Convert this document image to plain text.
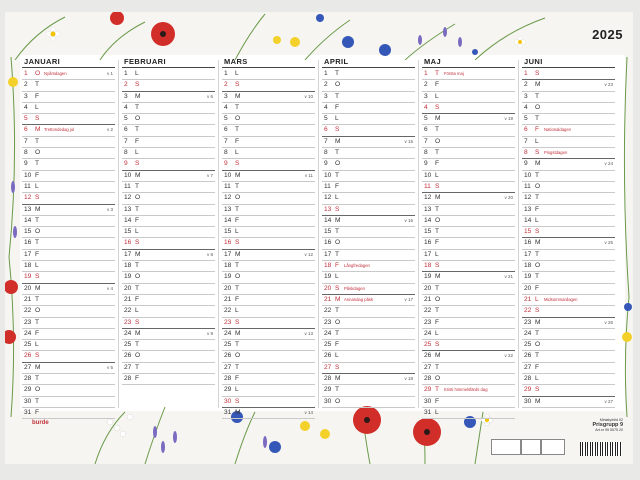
2025
JANUARI
1	O Nyårsdagen	v 1
2	T
3	F
4	L
5	S
6	M Trettondedag jul	v 2
7	T
8	O
9	T
10 F
11 L
12 S
13 M	v 3
14 T
15 O
16 T
17 F
18 L
19 S
20 M	v 4
21 T
22 O
23 T
24 F
25 L
26 S
27 M	v 5
28 T
29 O
30 T
31 F
FEBRUARI
1	L
2	S
3	M	v 6
4	T
5	O
6	T
7	F
8	L
9	S
10 M	v 7
11 T
12 O
13 T
14 F
15 L
16 S
17 M	v 8
18 T
19 O
20 T
21 F
22 L
23 S
24 M	v 9
25 T
26 O
27 T
28 F
MARS
1	L
2	S
3	M	v 10
4	T
5	O
6	T
7	F
8	L
9	S
10 M	v 11
11 T
12 O
13 T
14 F
15 L
16 S
17 M	v 12
18 T
19 O
20 T
21 F
22 L
23 S
24 M	v 13
25 T
26 O
27 T
28 F
29 L
30 S
31 M	v 14
APRIL
1	T
2	O
3	T
4	F
5	L
6	S
7	M	v 15
8	T
9	O
10 T
11 F
12 L
13 S
14 M	v 16
15 T
16 O
17 T
18 F Långfredagen
19 L
20 S Påskdagen
21 M Annandag påsk	v 17
22 T
23 O
24 T
25 F
26 L
27 S
28 M	v 18
29 T
30 O
MAJ
1	T Första maj
2	F
3	L
4	S
5	M	v 19
6	T
7	O
8	T
9	F
10 L
11 S
12 M	v 20
13 T
14 O
15 T
16 F
17 L
18 S
19 M	v 21
20 T
21 O
22 T
23 F
24 L
25 S
26 M	v 22
27 T
28 O
29 T Kristi himmelsfärds dag
30 F
31 L
JUNI
1	S
2	M	v 23
3	T
4	O
5	T
6	F Nationaldagen
7	L
8	S Pingstdagen
9	M	v 24
10 T
11 O
12 T
13 F
14 L
15 S
16 M	v 25
17 T
18 O
19 T
20 F
21 L Midsommardagen
22 S
23 M	v 26
24 T
25 O
26 T
27 F
28 L
29 S
30 M	v 27
burde	Miniatyrbild 02
Prisgrupp 9
Art.nr 95 5075 20
